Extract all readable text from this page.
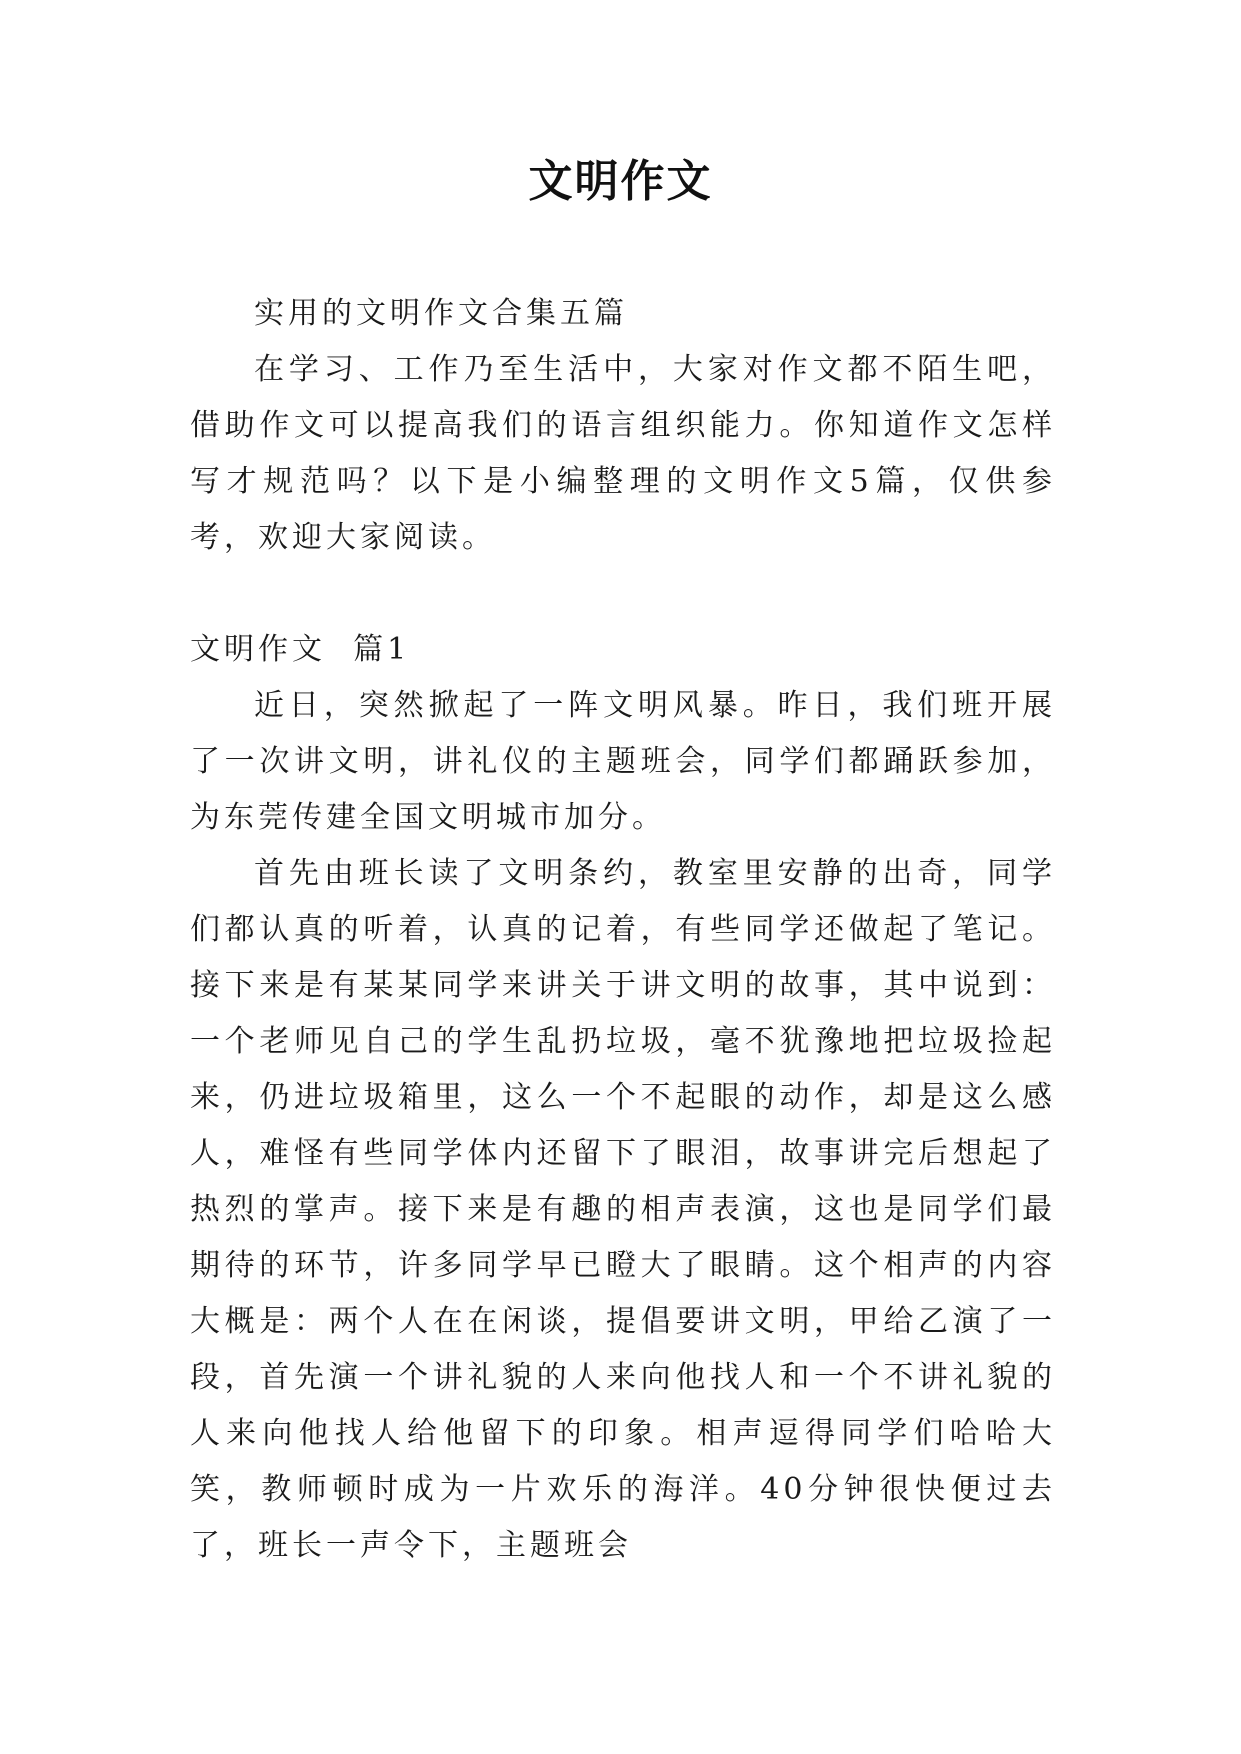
文明作文

实用的文明作文合集五篇

在学习、工作乃至生活中，大家对作文都不陌生吧，借助作文可以提高我们的语言组织能力。你知道作文怎样写才规范吗？以下是小编整理的文明作文5篇，仅供参考，欢迎大家阅读。

文明作文  篇1

近日，突然掀起了一阵文明风暴。昨日，我们班开展了一次讲文明，讲礼仪的主题班会，同学们都踊跃参加，为东莞传建全国文明城市加分。

首先由班长读了文明条约，教室里安静的出奇，同学们都认真的听着，认真的记着，有些同学还做起了笔记。接下来是有某某同学来讲关于讲文明的故事，其中说到：一个老师见自己的学生乱扔垃圾，毫不犹豫地把垃圾捡起来，仍进垃圾箱里，这么一个不起眼的动作，却是这么感人，难怪有些同学体内还留下了眼泪，故事讲完后想起了热烈的掌声。接下来是有趣的相声表演，这也是同学们最期待的环节，许多同学早已瞪大了眼睛。这个相声的内容大概是：两个人在在闲谈，提倡要讲文明，甲给乙演了一段，首先演一个讲礼貌的人来向他找人和一个不讲礼貌的人来向他找人给他留下的印象。相声逗得同学们哈哈大笑，教师顿时成为一片欢乐的海洋。40分钟很快便过去了，班长一声令下，主题班会
